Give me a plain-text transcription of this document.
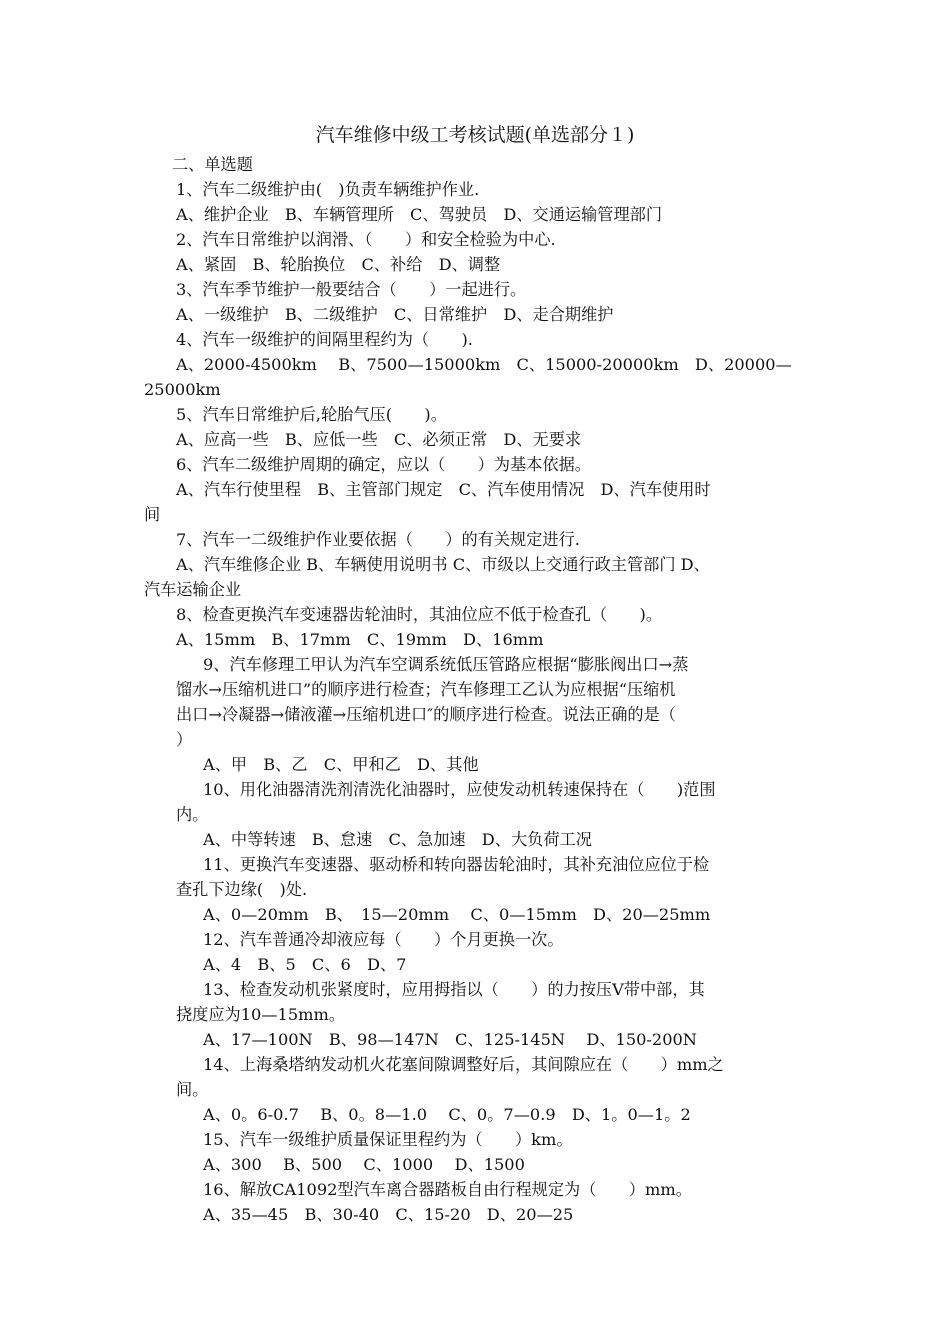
汽车维修中级工考核试题(单选部分１)
二、单选题
1、汽车二级维护由(　)负责车辆维护作业.
A、维护企业　B、车辆管理所　C、驾驶员　D、交通运输管理部门
2、汽车日常维护以润滑、（　　）和安全检验为中心.
A、紧固　B、轮胎换位　C、补给　D、调整
3、汽车季节维护一般要结合（　　）一起进行。
A、一级维护　B、二级维护　C、日常维护　D、走合期维护
4、汽车一级维护的间隔里程约为（　　).
A、2000-4500km　 B、7500—15000km　C、15000-20000km　D、20000—
25000km
5、汽车日常维护后,轮胎气压(　　)。
A、应高一些　B、应低一些　C、必须正常　D、无要求
6、汽车二级维护周期的确定，应以（　　）为基本依据。
A、汽车行使里程　B、主管部门规定　C、汽车使用情况　D、汽车使用时
间
7、汽车一二级维护作业要依据（　　）的有关规定进行.
A、汽车维修企业 B、车辆使用说明书 C、市级以上交通行政主管部门 D、
汽车运输企业
8、检查更换汽车变速器齿轮油时，其油位应不低于检查孔（　　)。
A、15mm　B、17mm　C、19mm　D、16mm
9、汽车修理工甲认为汽车空调系统低压管路应根据“膨胀阀出口→蒸
馏水→压缩机进口”的顺序进行检查；汽车修理工乙认为应根据“压缩机
出口→冷凝器→储液灌→压缩机进口″的顺序进行检查。说法正确的是（
）
A、甲　B、乙　C、甲和乙　D、其他
10、用化油器清洗剂清洗化油器时，应使发动机转速保持在（　　)范围
内。
A、中等转速　B、怠速　C、急加速　D、大负荷工况
11、更换汽车变速器、驱动桥和转向器齿轮油时，其补充油位应位于检
查孔下边缘(　)处.
A、0—20mm　B、　15—20mm　 C、0—15mm　D、20—25mm
12、汽车普通冷却液应每（　　）个月更换一次。
A、4　B、5　C、6　D、7
13、检查发动机张紧度时，应用拇指以（　　）的力按压Ⅴ带中部，其
挠度应为10—15mm。
A、17—100N　B、98—147N　C、125-145N　 D、150-200N
14、上海桑塔纳发动机火花塞间隙调整好后，其间隙应在（　　）mm之
间。
A、0。6-0.7　 B、0。8—1.0　 C、0。7—0.9　D、1。0—1。2
15、汽车一级维护质量保证里程约为（　　）km。
A、300　 B、500　 C、1000　 D、1500
16、解放CA1092型汽车离合器踏板自由行程规定为（　　）mm。
A、35—45　B、30-40　C、15-20　D、20—25
